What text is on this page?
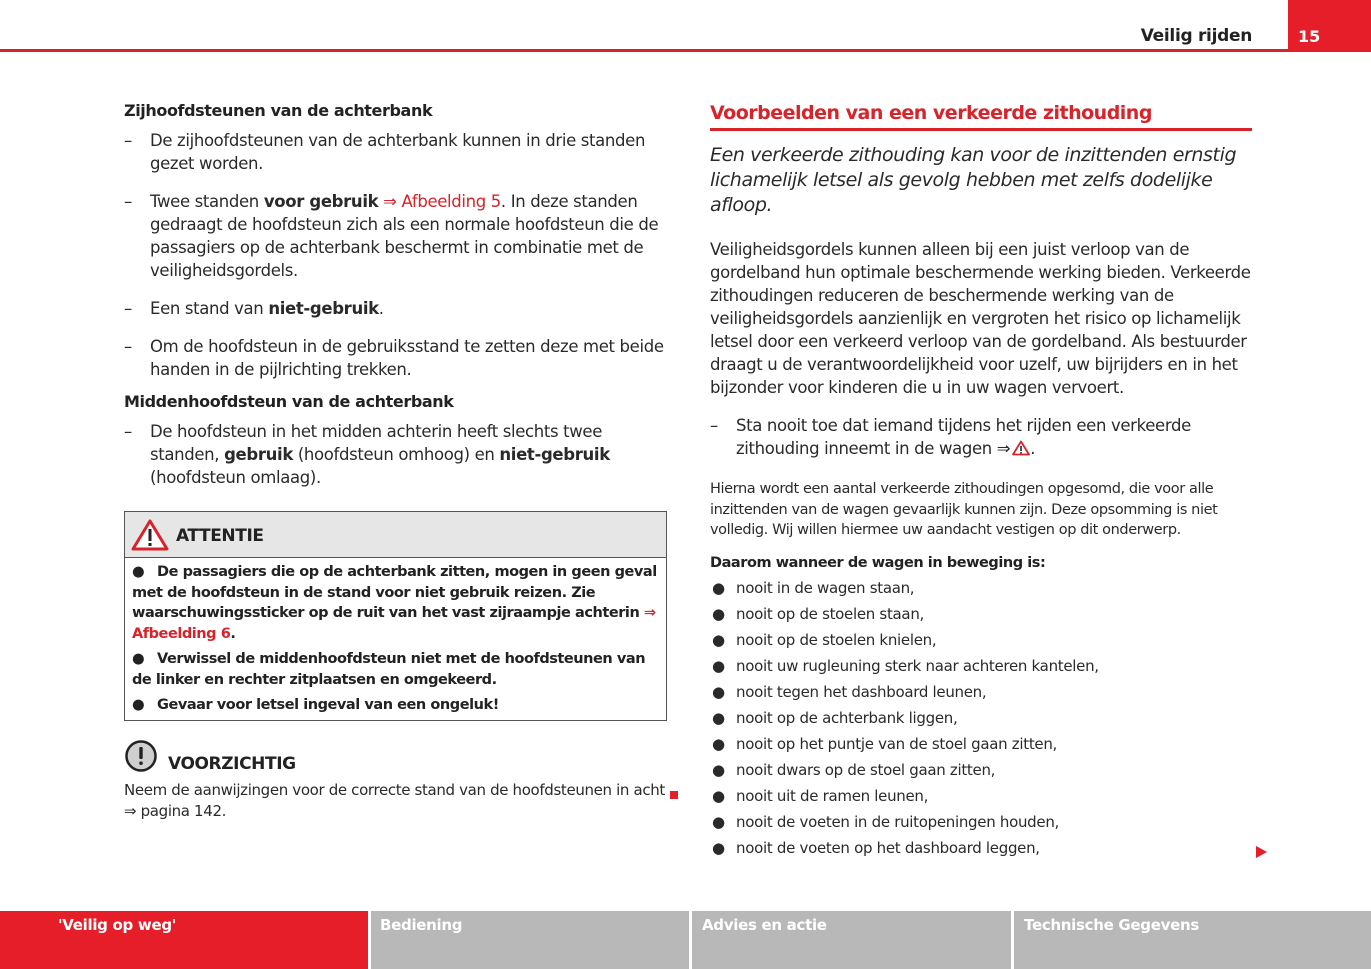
Veilig rijden	15
Zijhoofdsteunen van de achterbank
– De zijhoofdsteunen van de achterbank kunnen in drie standen gezet worden.
– Twee standen voor gebruik ⇒ Afbeelding 5. In deze standen gedraagt de hoofdsteun zich als een normale hoofdsteun die de passagiers op de achterbank beschermt in combinatie met de veiligheidsgordels.
– Een stand van niet-gebruik.
– Om de hoofdsteun in de gebruiksstand te zetten deze met beide handen in de pijlrichting trekken.
Middenhoofdsteun van de achterbank
– De hoofdsteun in het midden achterin heeft slechts twee standen, gebruik (hoofdsteun omhoog) en niet-gebruik (hoofdsteun omlaag).
ATTENTIE
● De passagiers die op de achterbank zitten, mogen in geen geval met de hoofdsteun in de stand voor niet gebruik reizen. Zie waarschuwingssticker op de ruit van het vast zijraampje achterin ⇒ Afbeelding 6.
● Verwissel de middenhoofdsteun niet met de hoofdsteunen van de linker en rechter zitplaatsen en omgekeerd.
● Gevaar voor letsel ingeval van een ongeluk!
VOORZICHTIG
Neem de aanwijzingen voor de correcte stand van de hoofdsteunen in acht
⇒ pagina 142.
Voorbeelden van een verkeerde zithouding
Een verkeerde zithouding kan voor de inzittenden ernstig lichamelijk letsel als gevolg hebben met zelfs dodelijke afloop.
Veiligheidsgordels kunnen alleen bij een juist verloop van de gordelband hun optimale beschermende werking bieden. Verkeerde zithoudingen reduceren de beschermende werking van de veiligheidsgordels aanzienlijk en vergroten het risico op lichamelijk letsel door een verkeerd verloop van de gordelband. Als bestuurder draagt u de verantwoordelijkheid voor uzelf, uw bijrijders en in het bijzonder voor kinderen die u in uw wagen vervoert.
– Sta nooit toe dat iemand tijdens het rijden een verkeerde zithouding inneemt in de wagen ⇒ .
Hierna wordt een aantal verkeerde zithoudingen opgesomd, die voor alle inzittenden van de wagen gevaarlijk kunnen zijn. Deze opsomming is niet volledig. Wij willen hiermee uw aandacht vestigen op dit onderwerp.
Daarom wanneer de wagen in beweging is:
● nooit in de wagen staan,
● nooit op de stoelen staan,
● nooit op de stoelen knielen,
● nooit uw rugleuning sterk naar achteren kantelen,
● nooit tegen het dashboard leunen,
● nooit op de achterbank liggen,
● nooit op het puntje van de stoel gaan zitten,
● nooit dwars op de stoel gaan zitten,
● nooit uit de ramen leunen,
● nooit de voeten in de ruitopeningen houden,
● nooit de voeten op het dashboard leggen,
'Veilig op weg'	Bediening	Advies en actie	Technische Gegevens
